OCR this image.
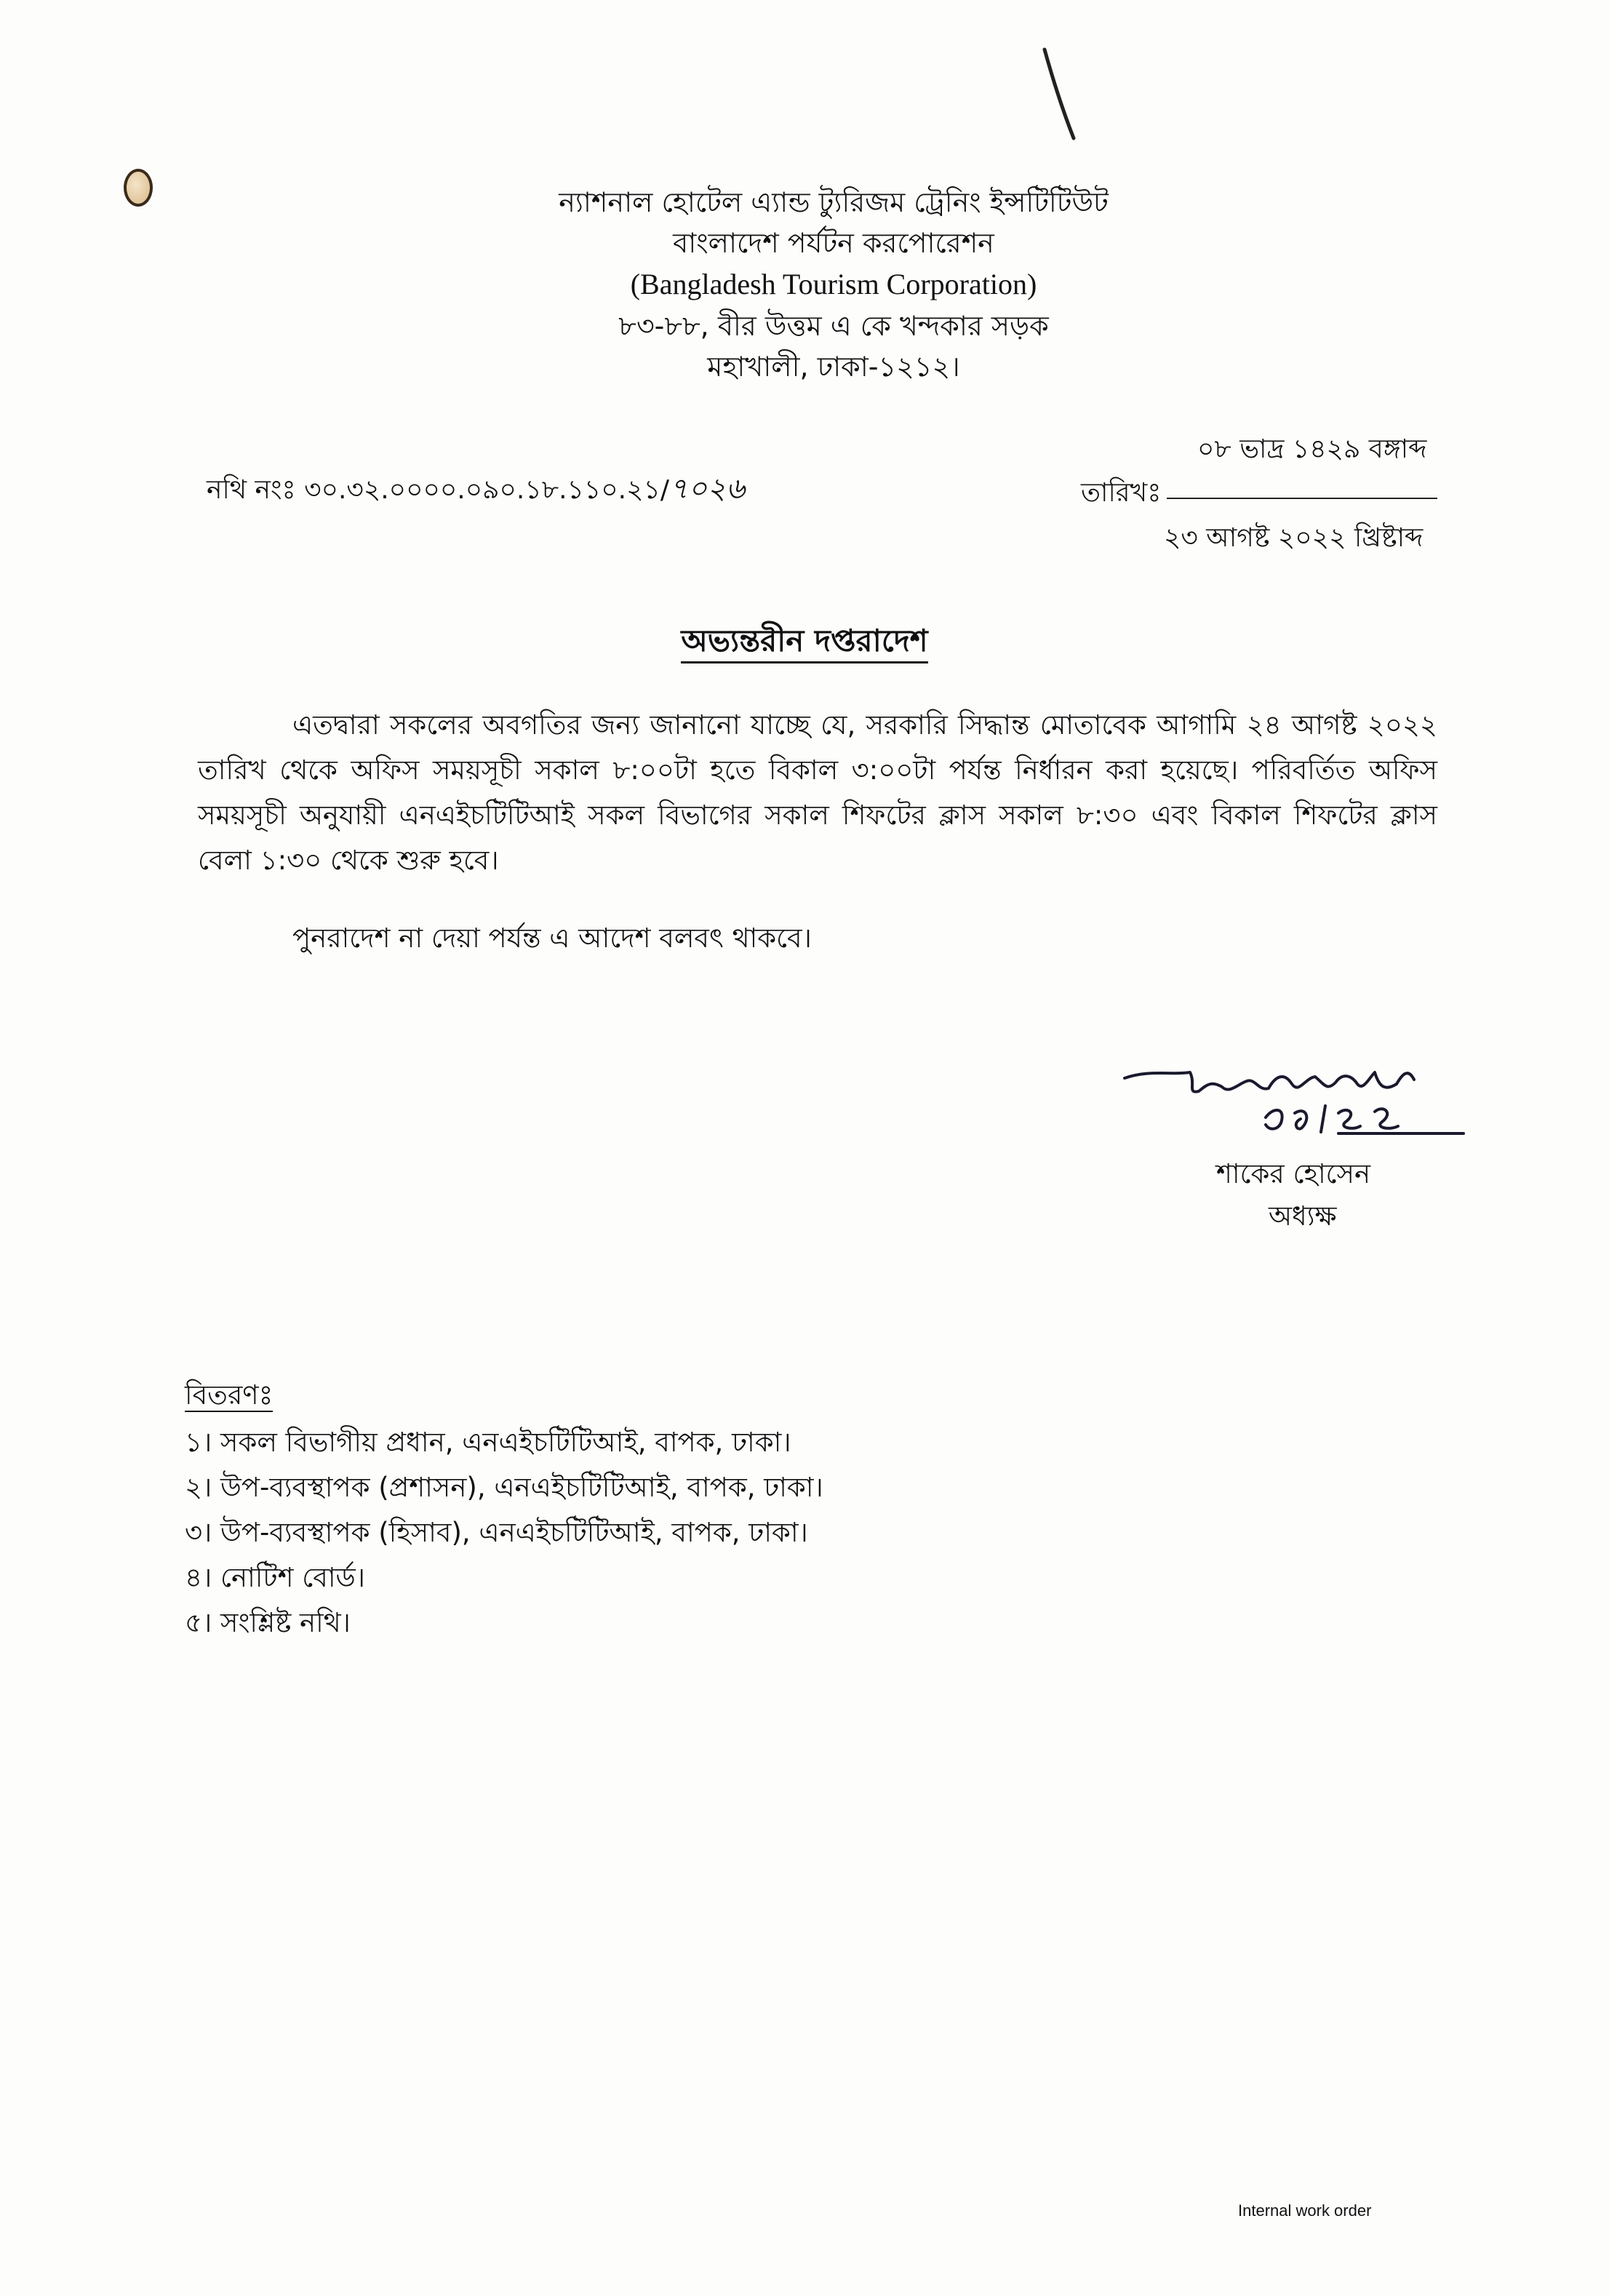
ন্যাশনাল হোটেল এ্যান্ড ট্যুরিজম ট্রেনিং ইন্সটিটিউট
বাংলাদেশ পর্যটন করপোরেশন
(Bangladesh Tourism Corporation)
৮৩-৮৮, বীর উত্তম এ কে খন্দকার সড়ক
মহাখালী, ঢাকা-১২১২।
নথি নংঃ ৩০.৩২.০০০০.০৯০.১৮.১১০.২১/৭০২৬
০৮ ভাদ্র ১৪২৯ বঙ্গাব্দ
তারিখঃ
২৩ আগষ্ট ২০২২ খ্রিষ্টাব্দ
অভ্যন্তরীন দপ্তরাদেশ
এতদ্বারা সকলের অবগতির জন্য জানানো যাচ্ছে যে, সরকারি সিদ্ধান্ত মোতাবেক আগামি ২৪ আগষ্ট ২০২২ তারিখ থেকে অফিস সময়সূচী সকাল ৮:০০টা হতে বিকাল ৩:০০টা পর্যন্ত নির্ধারন করা হয়েছে। পরিবর্তিত অফিস সময়সূচী অনুযায়ী এনএইচটিটিআই সকল বিভাগের সকাল শিফটের ক্লাস সকাল ৮:৩০ এবং বিকাল শিফটের ক্লাস বেলা ১:৩০ থেকে শুরু হবে।
পুনরাদেশ না দেয়া পর্যন্ত এ আদেশ বলবৎ থাকবে।
শাকের হোসেন
অধ্যক্ষ
বিতরণঃ
১। সকল বিভাগীয় প্রধান, এনএইচটিটিআই, বাপক, ঢাকা।
২। উপ-ব্যবস্থাপক (প্রশাসন), এনএইচটিটিআই, বাপক, ঢাকা।
৩। উপ-ব্যবস্থাপক (হিসাব), এনএইচটিটিআই, বাপক, ঢাকা।
৪। নোটিশ বোর্ড।
৫। সংশ্লিষ্ট নথি।
Internal work order
